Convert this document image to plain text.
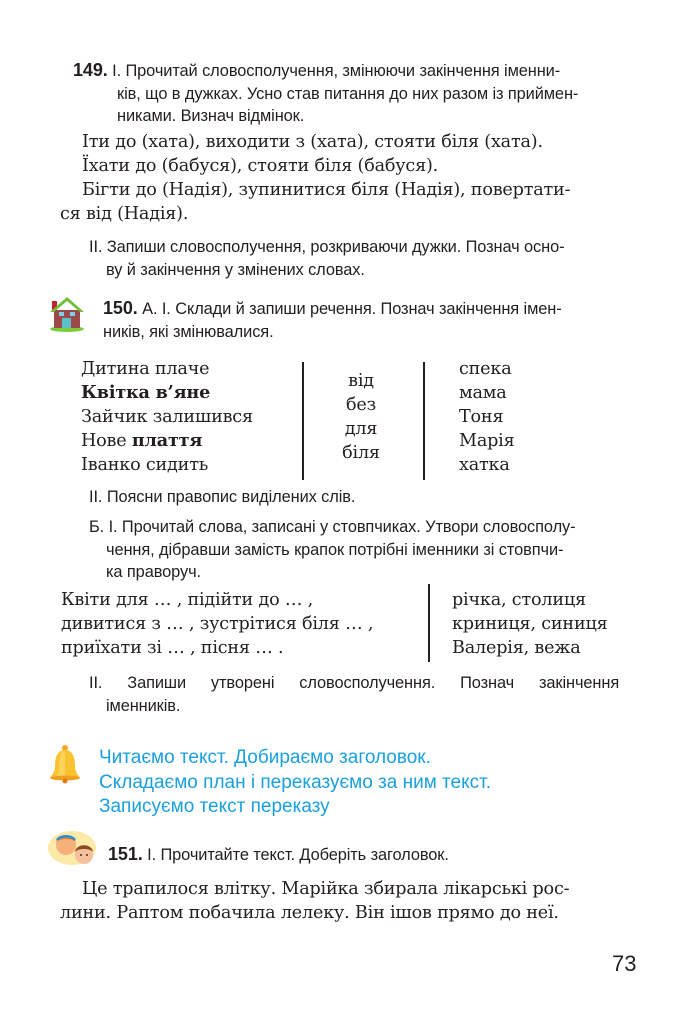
149. І. Прочитай словосполучення, змінюючи закінчення іменни-
ків, що в дужках. Усно став питання до них разом із приймен-
никами. Визнач відмінок.

Іти до (хата), виходити з (хата), стояти біля (хата).

Їхати до (бабуся), стояти біля (бабуся).

Бігти до (Надія), зупинитися біля (Надія), повертати-

ся від (Надія).

ІІ. Запиши словосполучення, розкриваючи дужки. Познач осно-
ву й закінчення у змінених словах.
150. А. І. Склади й запиши речення. Познач закінчення імен-
ників, які змінювалися.

Дитина плаче

Квітка в’яне

Зайчик залишився

Нове плаття

Іванко сидить

від

без

для

біля

спека

мама

Тоня

Марія

хатка

ІІ. Поясни правопис виділених слів.
Б. І. Прочитай слова, записані у стовпчиках. Утвори словосполу-
чення, дібравши замість крапок потрібні іменники зі стовпчи-
ка праворуч.

Квіти для … , підійти до … ,

дивитися з … , зустрітися біля … ,

приїхати зі … , пісня … .

річка, столиця

криниця, синиця

Валерія, вежа

ІІ.  Запиши  утворені  словосполучення.  Познач  закінчення
іменників.
Читаємо текст. Добираємо заголовок.
Складаємо план і переказуємо за ним текст.
Записуємо текст переказу
151. І. Прочитайте текст. Доберіть заголовок.

Це трапилося влітку. Марійка збирала лікарські рос-

лини. Раптом побачила лелеку. Він ішов прямо до неї.

73
